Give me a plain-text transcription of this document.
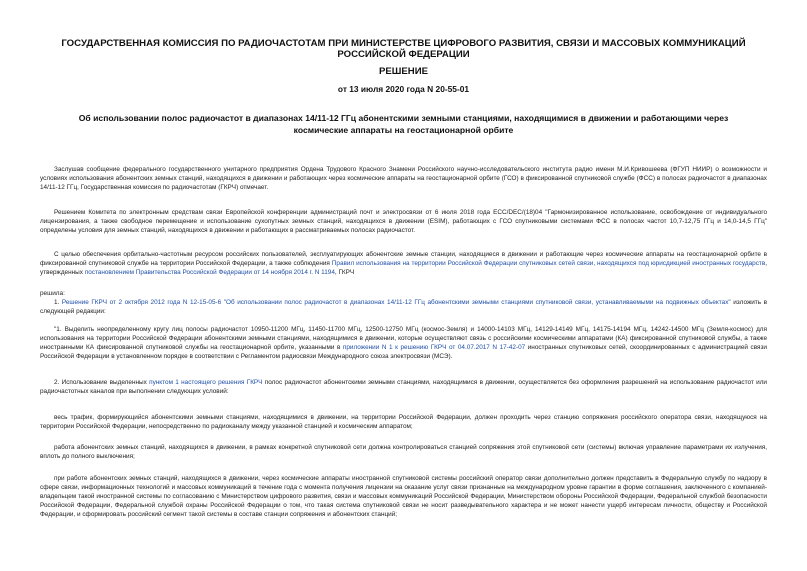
ГОСУДАРСТВЕННАЯ КОМИССИЯ ПО РАДИОЧАСТОТАМ ПРИ МИНИСТЕРСТВЕ ЦИФРОВОГО РАЗВИТИЯ, СВЯЗИ И МАССОВЫХ КОММУНИКАЦИЙ РОССИЙСКОЙ ФЕДЕРАЦИИ
РЕШЕНИЕ
от 13 июля 2020 года N 20-55-01
Об использовании полос радиочастот в диапазонах 14/11-12 ГГц абонентскими земными станциями, находящимися в движении и работающими через космические аппараты на геостационарной орбите
Заслушав сообщение федерального государственного унитарного предприятия Ордена Трудового Красного Знамени Российского научно-исследовательского института радио имени М.И.Кривошеева (ФГУП НИИР) о возможности и условиях использования абонентских земных станций, находящихся в движении и работающих через космические аппараты на геостационарной орбите (ГСО) в фиксированной спутниковой службе (ФСС) в полосах радиочастот в диапазонах 14/11-12 ГГц, Государственная комиссия по радиочастотам (ГКРЧ) отмечает.
Решением Комитета по электронным средствам связи Европейской конференции администраций почт и электросвязи от 6 июля 2018 года ECC/DEC/(18)04 "Гармонизированное использование, освобождение от индивидуального лицензирования, а также свободное перемещение и использование сухопутных земных станций, находящихся в движении (ESIM), работающих с ГСО спутниковыми системами ФСС в полосах частот 10,7-12,75 ГГц и 14,0-14,5 ГГц" определены условия для земных станций, находящихся в движении и работающих в рассматриваемых полосах радиочастот.
С целью обеспечения орбитально-частотным ресурсом российских пользователей, эксплуатирующих абонентские земные станции, находящиеся в движении и работающие через космические аппараты на геостационарной орбите в фиксированной спутниковой службе на территории Российской Федерации, а также соблюдения Правил использования на территории Российской Федерации спутниковых сетей связи, находящихся под юрисдикцией иностранных государств, утвержденных постановлением Правительства Российской Федерации от 14 ноября 2014 г. N 1194, ГКРЧ
решила:
1. Решение ГКРЧ от 2 октября 2012 года N 12-15-05-6 "Об использовании полос радиочастот в диапазонах 14/11-12 ГГц абонентскими земными станциями спутниковой связи, устанавливаемыми на подвижных объектах" изложить в следующей редакции:
"1. Выделить неопределенному кругу лиц полосы радиочастот 10950-11200 МГц, 11450-11700 МГц, 12500-12750 МГц (космос-Земля) и 14000-14103 МГц, 14129-14149 МГц, 14175-14194 МГц, 14242-14500 МГц (Земля-космос) для использования на территории Российской Федерации абонентскими земными станциями, находящимися в движении, которые осуществляют связь с российскими космическими аппаратами (КА) фиксированной спутниковой службы, а также иностранными КА фиксированной спутниковой службы на геостационарной орбите, указанными в приложении N 1 к решению ГКРЧ от 04.07.2017 N 17-42-07 иностранных спутниковых сетей, скоординированных с администрацией связи Российской Федерации в установленном порядке в соответствии с Регламентом радиосвязи Международного союза электросвязи (МСЭ).
2. Использование выделенных пунктом 1 настоящего решения ГКРЧ полос радиочастот абонентскими земными станциями, находящимися в движении, осуществляется без оформления разрешений на использование радиочастот или радиочастотных каналов при выполнении следующих условий:
весь трафик, формирующийся абонентскими земными станциями, находящимися в движении, на территории Российской Федерации, должен проходить через станцию сопряжения российского оператора связи, находящуюся на территории Российской Федерации, непосредственно по радиоканалу между указанной станцией и космическим аппаратом;
работа абонентских земных станций, находящихся в движении, в рамках конкретной спутниковой сети должна контролироваться станцией сопряжения этой спутниковой сети (системы) включая управление параметрами их излучения, вплоть до полного выключения;
при работе абонентских земных станций, находящихся в движении, через космические аппараты иностранной спутниковой системы российский оператор связи дополнительно должен представить в Федеральную службу по надзору в сфере связи, информационных технологий и массовых коммуникаций в течение года с момента получения лицензии на оказание услуг связи признанные на международном уровне гарантии в форме соглашения, заключенного с компанией-владельцем такой иностранной системы по согласованию с Министерством цифрового развития, связи и массовых коммуникаций Российской Федерации, Министерством обороны Российской Федерации, Федеральной службой безопасности Российской Федерации, Федеральной службой охраны Российской Федерации о том, что такая система спутниковой связи не носит разведывательного характера и не может нанести ущерб интересам личности, обществу и Российской Федерации, и сформировать российский сегмент такой системы в составе станции сопряжения и абонентских станций;
